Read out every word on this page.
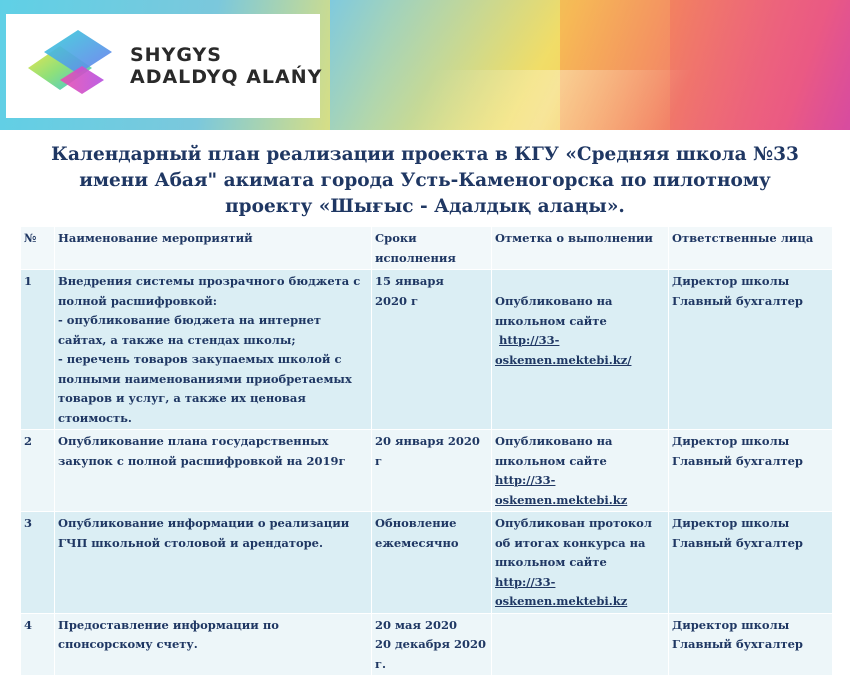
SHYGYS
ADALDYQ ALAŃY
Календарный план реализации проекта в КГУ «Средняя школа №33 имени Абая" акимата города Усть-Каменогорска по пилотному проекту «Шығыс - Адалдық алаңы».
№	Наименование мероприятий	Сроки исполнения	Отметка о выполнении	Ответственные лица
1	Внедрения системы прозрачного бюджета с полной расшифровкой:
- опубликование бюджета на интернет сайтах, а также на стендах школы;
- перечень товаров закупаемых школой с полными наименованиями приобретаемых товаров и услуг, а также их ценовая стоимость.	15 января
2020 г	Опубликовано на школьном сайте
http://33-oskemen.mektebi.kz/	Директор школы
Главный бухгалтер

2	Опубликование плана государственных закупок с полной расшифровкой на 2019г	20 января 2020 г	Опубликовано на школьном сайте http://33-oskemen.mektebi.kz	Директор школы
Главный бухгалтер

3	Опубликование информации о реализации ГЧП школьной столовой и арендаторе.	Обновление ежемесячно	Опубликован протокол об итогах конкурса на школьном сайте http://33-oskemen.mektebi.kz	Директор школы
Главный бухгалтер

4	Предоставление информации по спонсорскому счету.	20 мая 2020
20 декабря 2020 г.		Директор школы
Главный бухгалтер
